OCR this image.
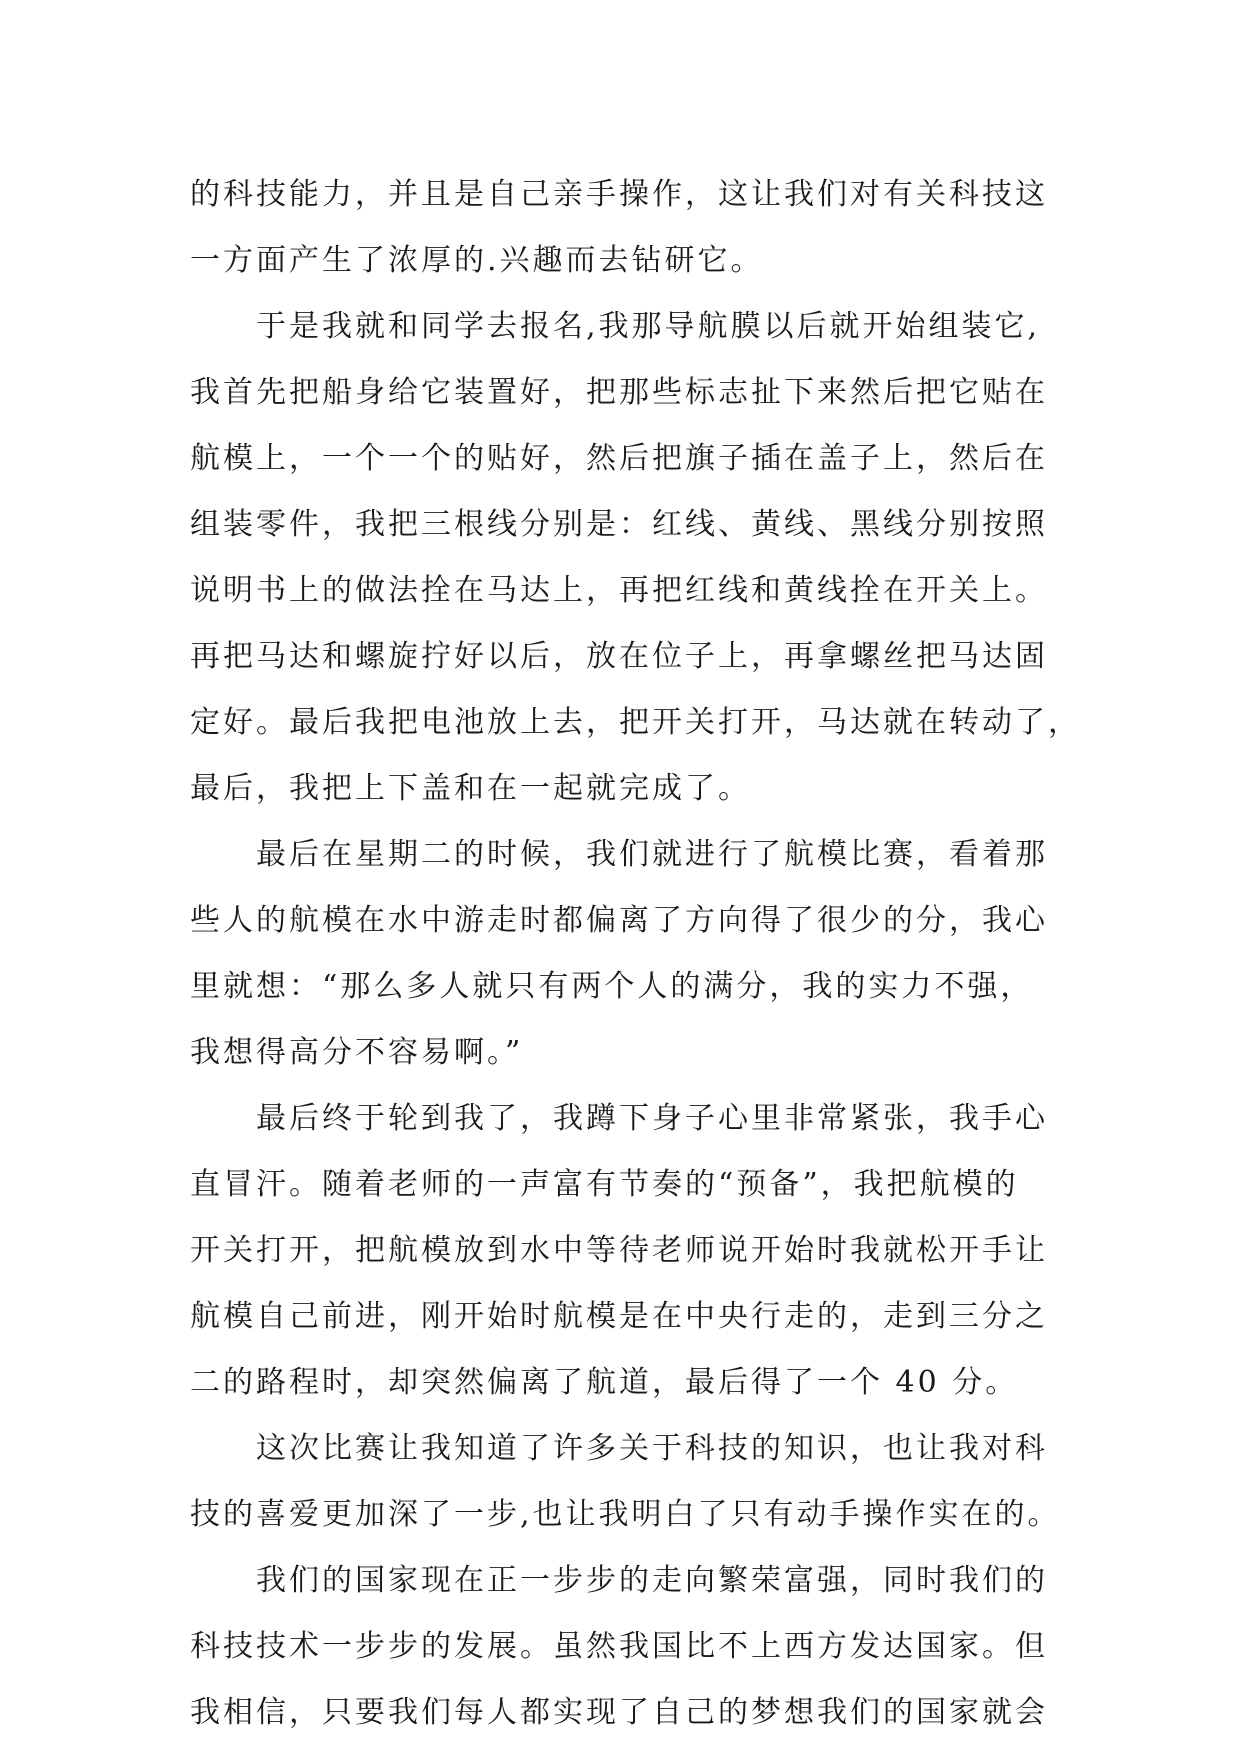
的科技能力，并且是自己亲手操作，这让我们对有关科技这
一方面产生了浓厚的.兴趣而去钻研它。
于是我就和同学去报名,我那导航膜以后就开始组装它,
我首先把船身给它装置好，把那些标志扯下来然后把它贴在
航模上，一个一个的贴好，然后把旗子插在盖子上，然后在
组装零件，我把三根线分别是：红线、黄线、黑线分别按照
说明书上的做法拴在马达上，再把红线和黄线拴在开关上。
再把马达和螺旋拧好以后，放在位子上，再拿螺丝把马达固
定好。最后我把电池放上去，把开关打开，马达就在转动了，
最后，我把上下盖和在一起就完成了。
最后在星期二的时候，我们就进行了航模比赛，看着那
些人的航模在水中游走时都偏离了方向得了很少的分，我心
里就想：“那么多人就只有两个人的满分，我的实力不强，
我想得高分不容易啊。”
最后终于轮到我了，我蹲下身子心里非常紧张，我手心
直冒汗。随着老师的一声富有节奏的“预备”，我把航模的
开关打开，把航模放到水中等待老师说开始时我就松开手让
航模自己前进，刚开始时航模是在中央行走的，走到三分之
二的路程时，却突然偏离了航道，最后得了一个 40 分。
这次比赛让我知道了许多关于科技的知识，也让我对科
技的喜爱更加深了一步,也让我明白了只有动手操作实在的。
我们的国家现在正一步步的走向繁荣富强，同时我们的
科技技术一步步的发展。虽然我国比不上西方发达国家。但
我相信，只要我们每人都实现了自己的梦想我们的国家就会
